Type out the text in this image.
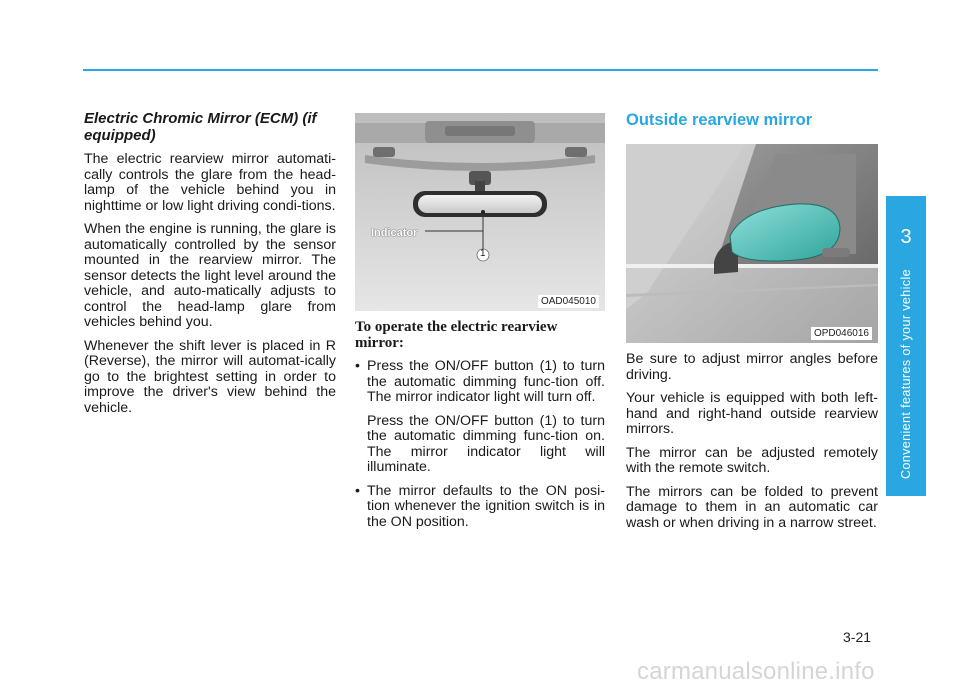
Electric Chromic Mirror (ECM) (if equipped)

The electric rearview mirror automati-cally controls the glare from the head-lamp of the vehicle behind you in nighttime or low light driving condi-tions.

When the engine is running, the glare is automatically controlled by the sensor mounted in the rearview mirror. The sensor detects the light level around the vehicle, and auto-matically adjusts to control the head-lamp glare from vehicles behind you.

Whenever the shift lever is placed in R (Reverse), the mirror will automat-ically go to the brightest setting in order to improve the driver's view behind the vehicle.

Indicator
1
OAD045010
To operate the electric rearview mirror:
• Press the ON/OFF button (1) to turn the automatic dimming func-tion off. The mirror indicator light will turn off.

Press the ON/OFF button (1) to turn the automatic dimming func-tion on. The mirror indicator light will illuminate.

• The mirror defaults to the ON posi-tion whenever the ignition switch is in the ON position.
Outside rearview mirror
OPD046016

Be sure to adjust mirror angles before driving.

Your vehicle is equipped with both left-hand and right-hand outside rearview mirrors.

The mirror can be adjusted remotely with the remote switch.

The mirrors can be folded to prevent damage to them in an automatic car wash or when driving in a narrow street.

3
Convenient features of your vehicle
3-21
carmanualsonline.info
